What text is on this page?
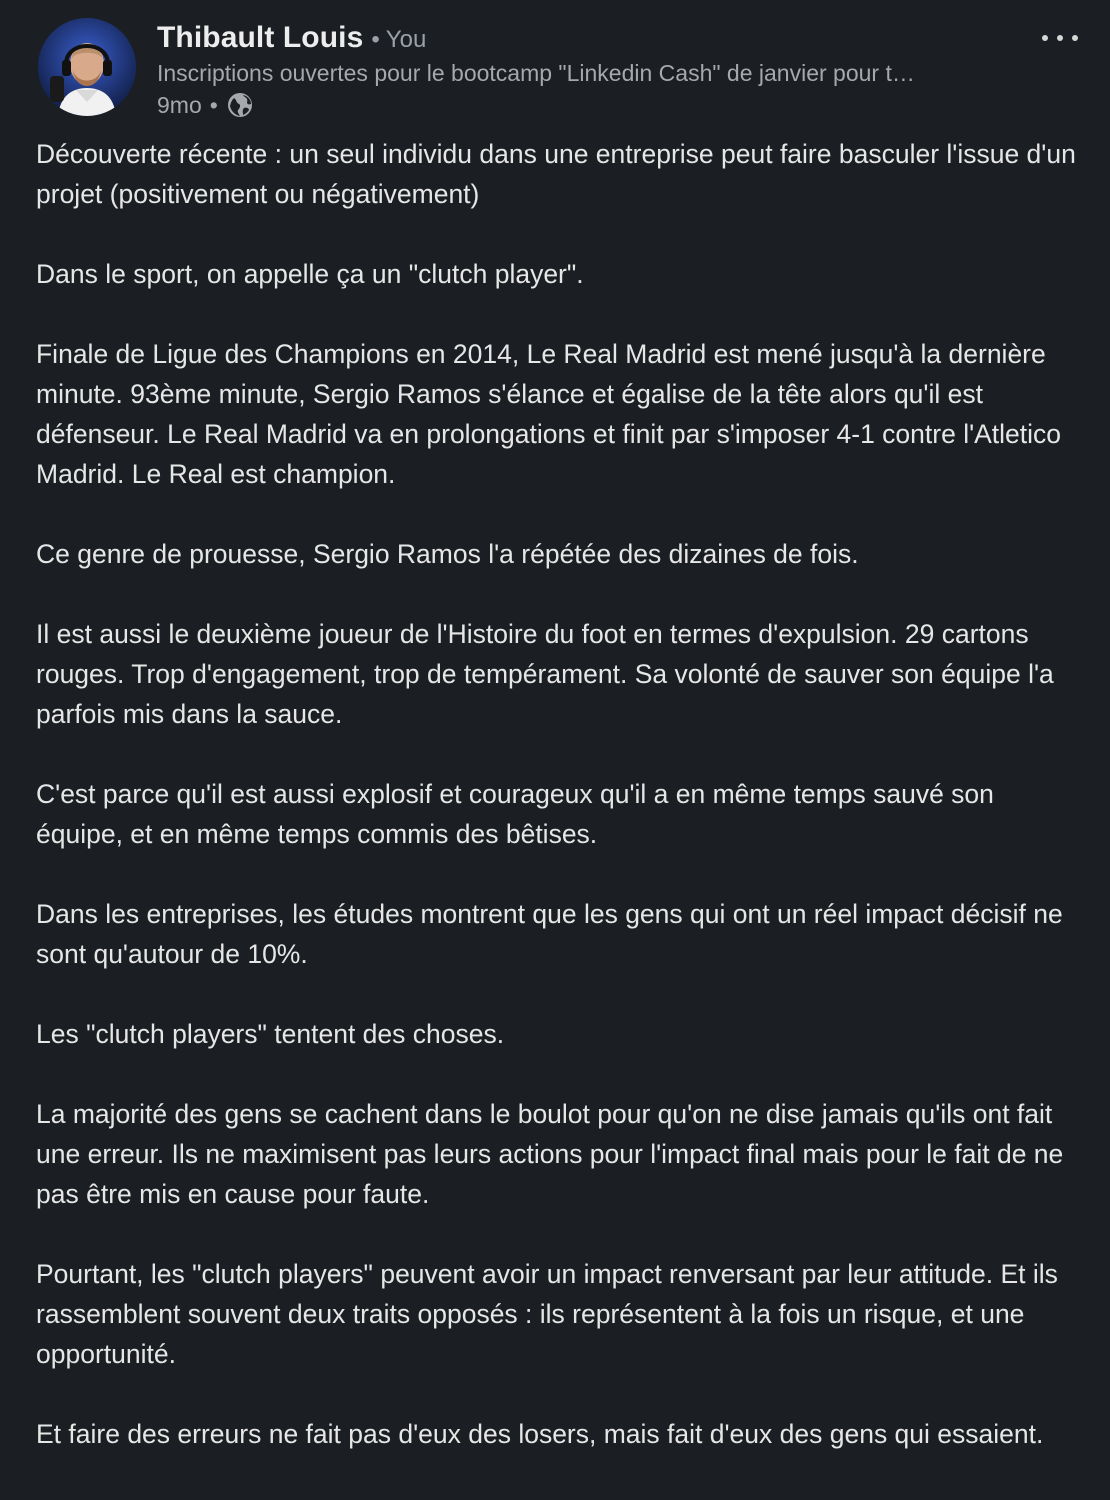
Thibault Louis • You
Inscriptions ouvertes pour le bootcamp "Linkedin Cash" de janvier pour t…
9mo •

Découverte récente : un seul individu dans une entreprise peut faire basculer l'issue d'un projet (positivement ou négativement)

Dans le sport, on appelle ça un "clutch player".

Finale de Ligue des Champions en 2014, Le Real Madrid est mené jusqu'à la dernière minute. 93ème minute, Sergio Ramos s'élance et égalise de la tête alors qu'il est défenseur. Le Real Madrid va en prolongations et finit par s'imposer 4-1 contre l'Atletico Madrid. Le Real est champion.

Ce genre de prouesse, Sergio Ramos l'a répétée des dizaines de fois.

Il est aussi le deuxième joueur de l'Histoire du foot en termes d'expulsion. 29 cartons rouges. Trop d'engagement, trop de tempérament. Sa volonté de sauver son équipe l'a parfois mis dans la sauce.

C'est parce qu'il est aussi explosif et courageux qu'il a en même temps sauvé son équipe, et en même temps commis des bêtises.

Dans les entreprises, les études montrent que les gens qui ont un réel impact décisif ne sont qu'autour de 10%.

Les "clutch players" tentent des choses.

La majorité des gens se cachent dans le boulot pour qu'on ne dise jamais qu'ils ont fait une erreur. Ils ne maximisent pas leurs actions pour l'impact final mais pour le fait de ne pas être mis en cause pour faute.

Pourtant, les "clutch players" peuvent avoir un impact renversant par leur attitude. Et ils rassemblent souvent deux traits opposés : ils représentent à la fois un risque, et une opportunité.

Et faire des erreurs ne fait pas d'eux des losers, mais fait d'eux des gens qui essaient.
